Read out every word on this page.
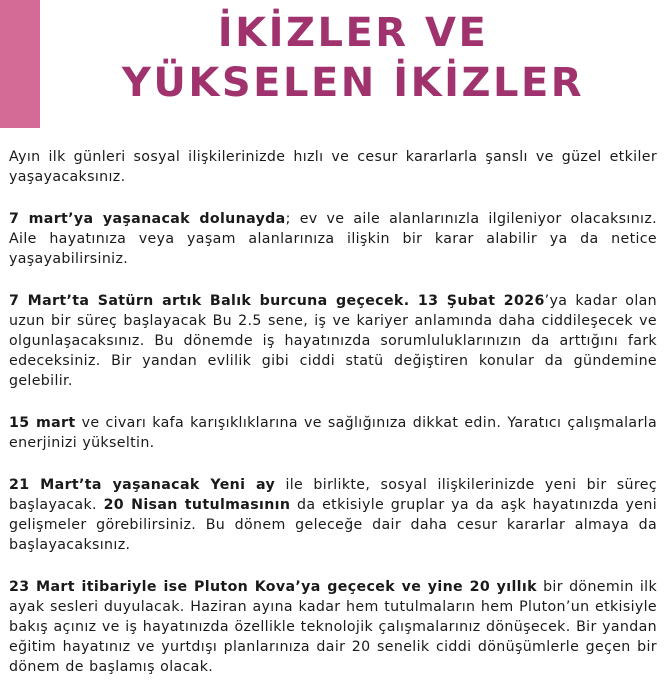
İKİZLER VE
YÜKSELEN İKİZLER

Ayın ilk günleri sosyal ilişkilerinizde hızlı ve cesur kararlarla şanslı ve güzel etkiler yaşayacaksınız.

7 mart’ya yaşanacak dolunayda; ev ve aile alanlarınızla ilgileniyor olacaksınız. Aile hayatınıza veya yaşam alanlarınıza ilişkin bir karar alabilir ya da netice yaşayabilirsiniz.

7 Mart’ta Satürn artık Balık burcuna geçecek. 13 Şubat 2026’ya kadar olan uzun bir süreç başlayacak Bu 2.5 sene, iş ve kariyer anlamında daha ciddileşecek ve olgunlaşacaksınız. Bu dönemde iş hayatınızda sorumluluklarınızın da arttığını fark edeceksiniz. Bir yandan evlilik gibi ciddi statü değiştiren konular da gündemine gelebilir.

15 mart ve civarı kafa karışıklıklarına ve sağlığınıza dikkat edin. Yaratıcı çalışmalarla enerjinizi yükseltin.

21 Mart’ta yaşanacak Yeni ay ile birlikte, sosyal ilişkilerinizde yeni bir süreç başlayacak. 20 Nisan tutulmasının da etkisiyle gruplar ya da aşk hayatınızda yeni gelişmeler görebilirsiniz. Bu dönem geleceğe dair daha cesur kararlar almaya da başlayacaksınız.

23 Mart itibariyle ise Pluton Kova’ya geçecek ve yine 20 yıllık bir dönemin ilk ayak sesleri duyulacak. Haziran ayına kadar hem tutulmaların hem Pluton’un etkisiyle bakış açınız ve iş hayatınızda özellikle teknolojik çalışmalarınız dönüşecek. Bir yandan eğitim hayatınız ve yurtdışı planlarınıza dair 20 senelik ciddi dönüşümlerle geçen bir dönem de başlamış olacak.
